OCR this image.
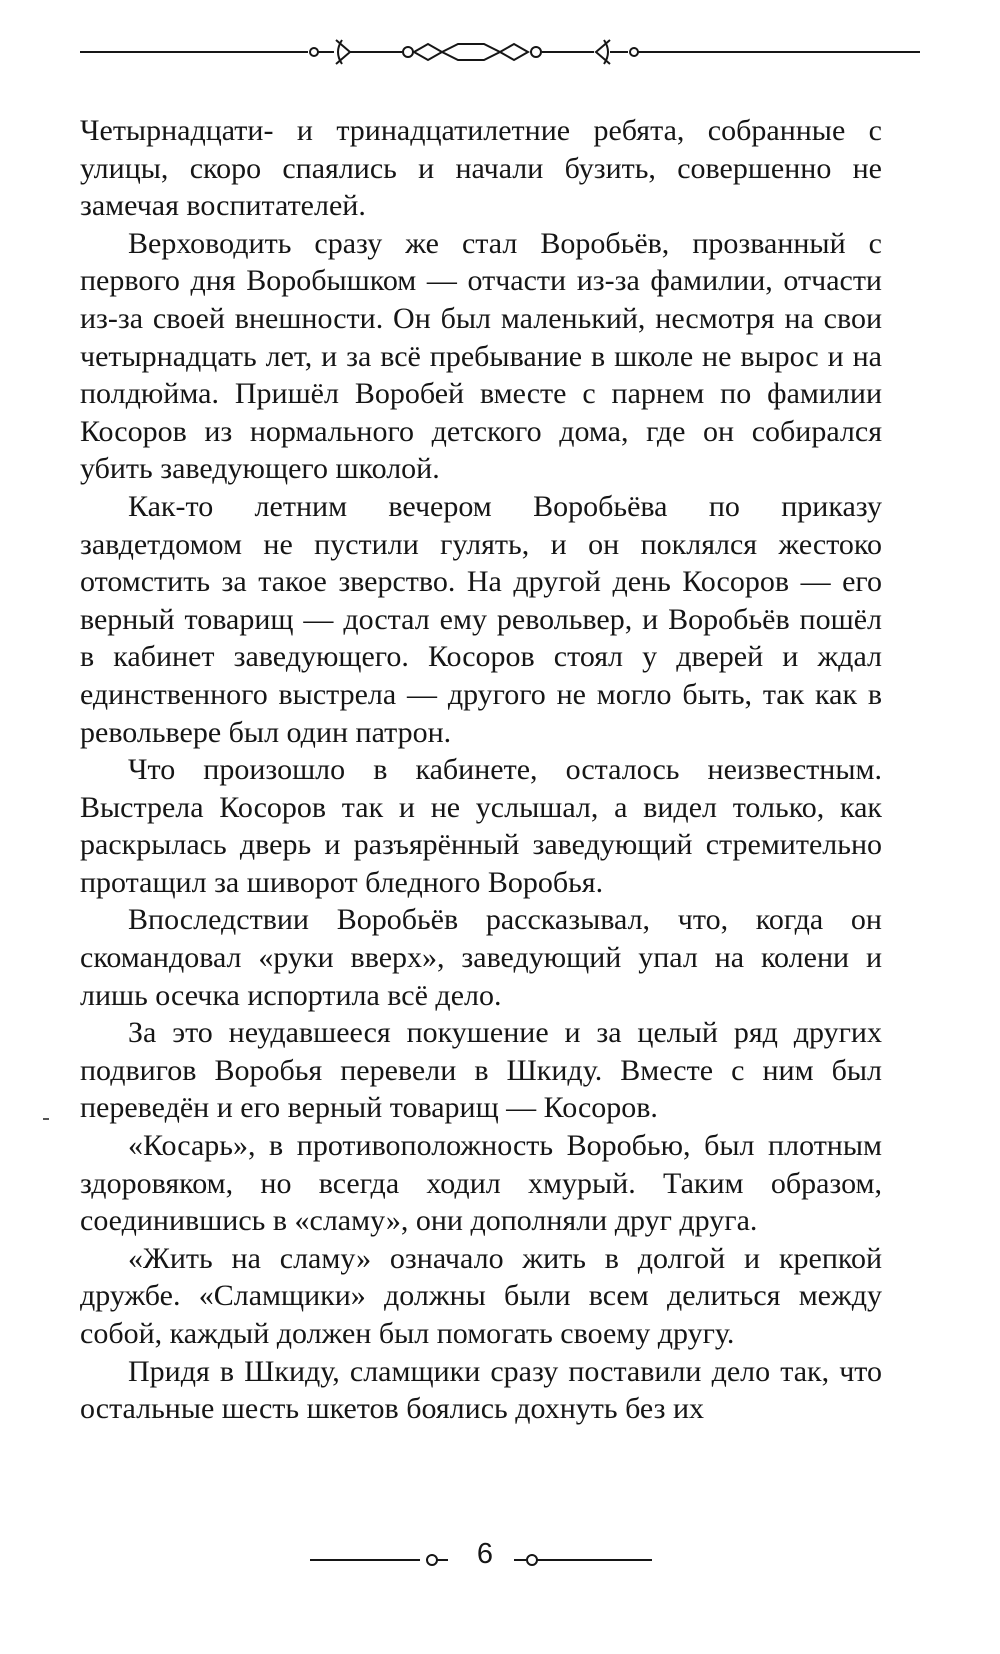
Четырнадцати- и тринадцатилетние ребята, собранные с улицы, скоро спаялись и начали бузить, совершенно не замечая воспитателей.

Верховодить сразу же стал Воробьёв, прозванный с первого дня Воробышком — отчасти из-за фамилии, отчасти из-за своей внешности. Он был маленький, несмотря на свои четырнадцать лет, и за всё пребывание в школе не вырос и на полдюйма. Пришёл Воробей вместе с парнем по фамилии Косоров из нормального детского дома, где он собирался убить заведующего школой.

Как-то летним вечером Воробьёва по приказу завдетдомом не пустили гулять, и он поклялся жестоко отомстить за такое зверство. На другой день Косоров — его верный товарищ — достал ему револьвер, и Воробьёв пошёл в кабинет заведующего. Косоров стоял у дверей и ждал единственного выстрела — другого не могло быть, так как в револьвере был один патрон.

Что произошло в кабинете, осталось неизвестным. Выстрела Косоров так и не услышал, а видел только, как раскрылась дверь и разъярённый заведующий стремительно протащил за шиворот бледного Воробья.

Впоследствии Воробьёв рассказывал, что, когда он скомандовал «руки вверх», заведующий упал на колени и лишь осечка испортила всё дело.

За это неудавшееся покушение и за целый ряд других подвигов Воробья перевели в Шкиду. Вместе с ним был переведён и его верный товарищ — Косоров.

«Косарь», в противоположность Воробью, был плотным здоровяком, но всегда ходил хмурый. Таким образом, соединившись в «сламу», они дополняли друг друга.

«Жить на сламу» означало жить в долгой и крепкой дружбе. «Сламщики» должны были всем делиться между собой, каждый должен был помогать своему другу.

Придя в Шкиду, сламщики сразу поставили дело так, что остальные шесть шкетов боялись дохнуть без их

6
